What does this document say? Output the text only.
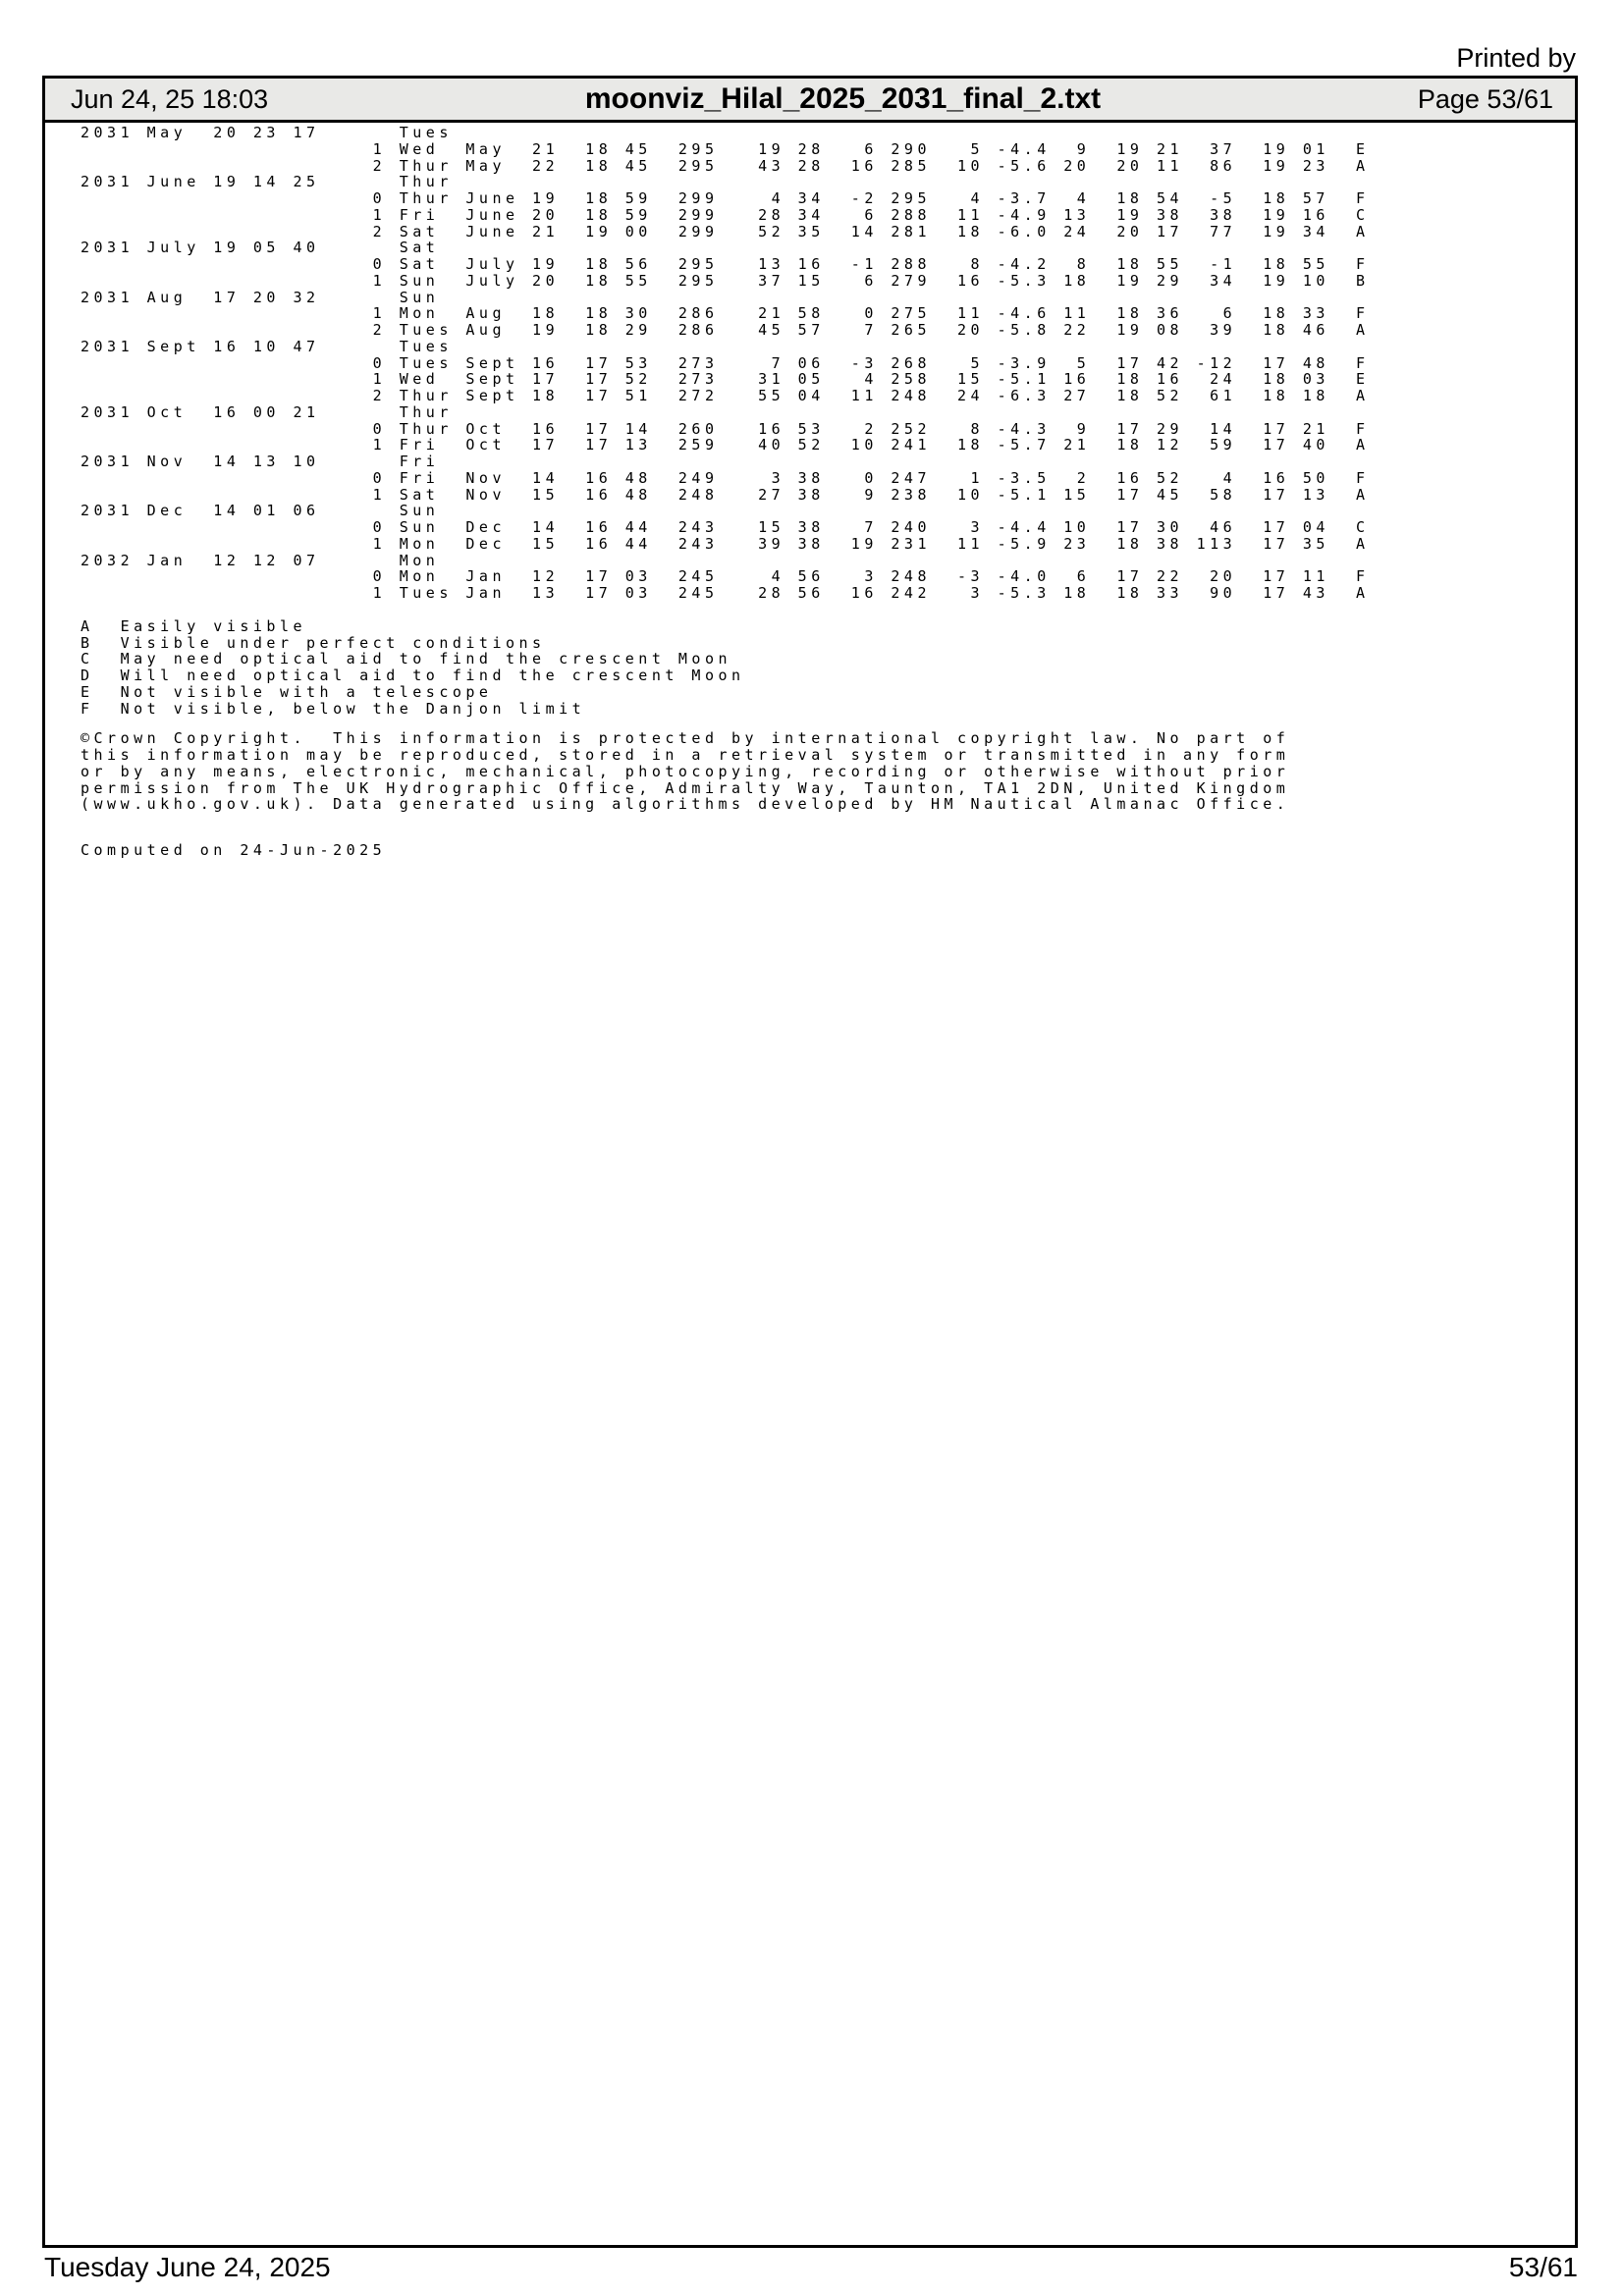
Printed by
Jun 24, 25 18:03	moonviz_Hilal_2025_2031_final_2.txt	Page 53/61
2031 May  20 23 17      Tues
1 Wed  May  21  18 45  295   19 28   6 290   5 -4.4  9  19 21  37  19 01  E
2 Thur May  22  18 45  295   43 28  16 285  10 -5.6 20  20 11  86  19 23  A
2031 June 19 14 25      Thur
0 Thur June 19  18 59  299    4 34  -2 295   4 -3.7  4  18 54  -5  18 57  F
1 Fri  June 20  18 59  299   28 34   6 288  11 -4.9 13  19 38  38  19 16  C
2 Sat  June 21  19 00  299   52 35  14 281  18 -6.0 24  20 17  77  19 34  A
2031 July 19 05 40      Sat
0 Sat  July 19  18 56  295   13 16  -1 288   8 -4.2  8  18 55  -1  18 55  F
1 Sun  July 20  18 55  295   37 15   6 279  16 -5.3 18  19 29  34  19 10  B
2031 Aug  17 20 32      Sun
1 Mon  Aug  18  18 30  286   21 58   0 275  11 -4.6 11  18 36   6  18 33  F
2 Tues Aug  19  18 29  286   45 57   7 265  20 -5.8 22  19 08  39  18 46  A
2031 Sept 16 10 47      Tues
0 Tues Sept 16  17 53  273    7 06  -3 268   5 -3.9  5  17 42 -12  17 48  F
1 Wed  Sept 17  17 52  273   31 05   4 258  15 -5.1 16  18 16  24  18 03  E
2 Thur Sept 18  17 51  272   55 04  11 248  24 -6.3 27  18 52  61  18 18  A
2031 Oct  16 00 21      Thur
0 Thur Oct  16  17 14  260   16 53   2 252   8 -4.3  9  17 29  14  17 21  F
1 Fri  Oct  17  17 13  259   40 52  10 241  18 -5.7 21  18 12  59  17 40  A
2031 Nov  14 13 10      Fri
0 Fri  Nov  14  16 48  249    3 38   0 247   1 -3.5  2  16 52   4  16 50  F
1 Sat  Nov  15  16 48  248   27 38   9 238  10 -5.1 15  17 45  58  17 13  A
2031 Dec  14 01 06      Sun
0 Sun  Dec  14  16 44  243   15 38   7 240   3 -4.4 10  17 30  46  17 04  C
1 Mon  Dec  15  16 44  243   39 38  19 231  11 -5.9 23  18 38 113  17 35  A
2032 Jan  12 12 07      Mon
0 Mon  Jan  12  17 03  245    4 56   3 248  -3 -4.0  6  17 22  20  17 11  F
1 Tues Jan  13  17 03  245   28 56  16 242   3 -5.3 18  18 33  90  17 43  A
A  Easily visible
B  Visible under perfect conditions
C  May need optical aid to find the crescent Moon
D  Will need optical aid to find the crescent Moon
E  Not visible with a telescope
F  Not visible, below the Danjon limit
©Crown Copyright.  This information is protected by international copyright law. No part of
this information may be reproduced, stored in a retrieval system or transmitted in any form
or by any means, electronic, mechanical, photocopying, recording or otherwise without prior
permission from The UK Hydrographic Office, Admiralty Way, Taunton, TA1 2DN, United Kingdom
(www.ukho.gov.uk). Data generated using algorithms developed by HM Nautical Almanac Office.
Computed on 24-Jun-2025
Tuesday June 24, 2025	53/61
